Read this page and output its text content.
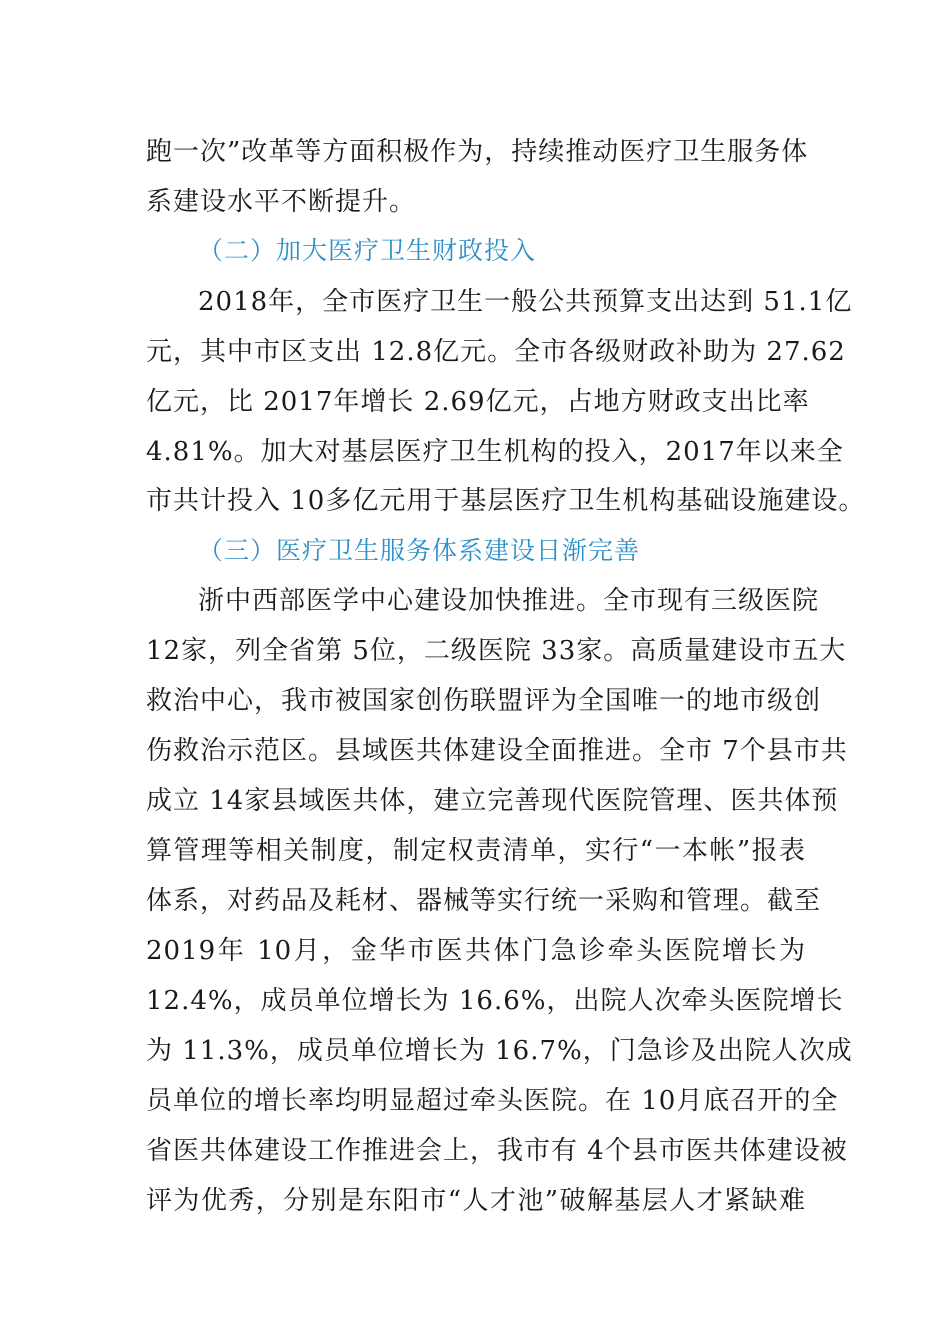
跑一次”改革等方面积极作为，持续推动医疗卫生服务体
系建设水平不断提升。
（二）加大医疗卫生财政投入
2018年，全市医疗卫生一般公共预算支出达到 51.1亿
元，其中市区支出 12.8亿元。全市各级财政补助为 27.62
亿元，比 2017年增长 2.69亿元，占地方财政支出比率
4.81%。加大对基层医疗卫生机构的投入，2017年以来全
市共计投入 10多亿元用于基层医疗卫生机构基础设施建设。
（三）医疗卫生服务体系建设日渐完善
浙中西部医学中心建设加快推进。全市现有三级医院
12家，列全省第 5位，二级医院 33家。高质量建设市五大
救治中心，我市被国家创伤联盟评为全国唯一的地市级创
伤救治示范区。县域医共体建设全面推进。全市 7个县市共
成立 14家县域医共体，建立完善现代医院管理、医共体预
算管理等相关制度，制定权责清单，实行“一本帐”报表
体系，对药品及耗材、器械等实行统一采购和管理。截至
2019年 10月，金华市医共体门急诊牵头医院增长为
12.4%，成员单位增长为 16.6%，出院人次牵头医院增长
为 11.3%，成员单位增长为 16.7%，门急诊及出院人次成
员单位的增长率均明显超过牵头医院。在 10月底召开的全
省医共体建设工作推进会上，我市有 4个县市医共体建设被
评为优秀，分别是东阳市“人才池”破解基层人才紧缺难
